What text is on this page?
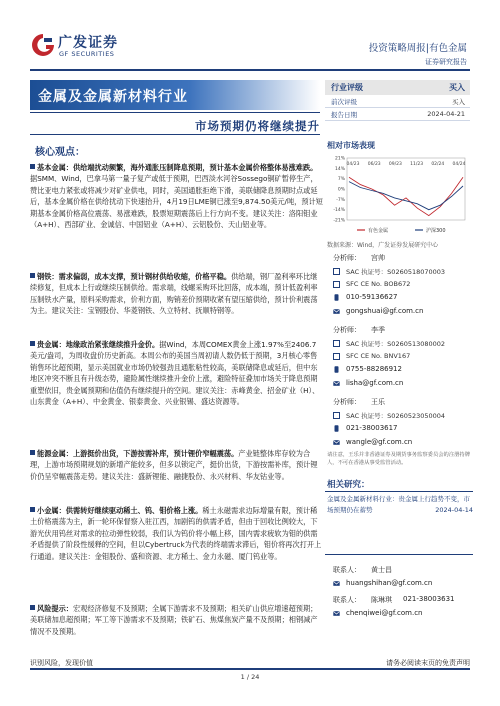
广发证券
GF SECURITIES	投资策略周报|有色金属
证券研究报告
金属及金属新材料行业
市场预期仍将继续提升
行业评级	买入
前次评级	买入
报告日期	2024-04-21
核心观点：
基本金属：供给端扰动频繁，海外通胀压制降息预期，预计基本金属价格整体易涨难跌。据SMM、Wind，巴拿马第一量子复产或低于预期，巴西淡水河谷Sossego铜矿暂停生产，赞比亚电力紧张或将减少对矿业供电，同时，美国通胀拒绝下滑，美联储降息预期时点或延后，基本金属价格在供给扰动下快速抬升，4月19日LME铜已涨至9,874.50美元/吨，预计短期基本金属价格高位震荡、易涨难跌，股票短期震荡后上行方向不变。建议关注：洛阳钼业（A+H）、西部矿业、金诚信、中国铝业（A+H）、云铝股份、天山铝业等。
钢铁：需求偏弱，成本支撑，预计钢材供给收缩，价格平稳。供给端，钢厂盈利率环比继续修复，但成本上行或继续压制供给。需求端，线螺采购环比回落，成本端，预计低盈利率压制铁水产量，原料采购需求，价利方面，购销差价预期收紧有望压缩供给，预计价利震荡为主。建议关注：宝钢股份、华菱钢铁、久立特材、抚顺特钢等。
贵金属：地缘政治紧张继续推升金价。据Wind，本周COMEX黄金上涨1.97%至2406.7美元/盎司，为周收盘价历史新高。本周公布的美国当周初请人数仍低于预期，3月核心零售销售环比超预期，显示美国就业市场仍较强劲且通胀粘性较高，美联储降息或延后，但中东地区冲突不断且有升级态势，避险属性继续推升金价上涨，避险特征叠加市场关于降息预期重塑依旧，贵金属预期和估值仍有继续提升的空间。建议关注：赤峰黄金、招金矿业（H）、山东黄金（A+H）、中金黄金、银泰黄金、兴业银锡、盛达资源等。
能源金属：上游挺价出货，下游按需补库，预计锂价窄幅震荡。产业链整体库存较为合理，上游市场预期规划的新增产能较多，但多以锁定产，挺价出货，下游按需补库，预计锂价仍呈窄幅震荡走势。建议关注：盛新锂能、融捷股份、永兴材料、华友钴业等。
小金属：供需转好继续驱动稀土、钨、钼价格上涨。稀土永磁需求边际增量有限，预计稀土价格震荡为主，新一轮环保督察入驻江西，加剧钨的供需矛盾，但由于回收比例较大，下游光伏用钨丝对需求的拉动弹性较弱，我们认为钨价将小幅上移，国内需求疲软为钼的供需矛盾提供了阶段性缓释的空间，但以Cybertruck为代表的终端需求滞后，钼价将再次打开上行通道。建议关注：金钼股份、盛和资源、北方稀土、金力永磁、厦门钨业等。
风险提示：宏观经济修复不及预期；全属下游需求不及预期；相关矿山供应增速超预期；美联储加息超预期；军工等下游需求不及预期；铁矿石、焦煤焦炭产量不及预期；相钢减产情况不及预期。
相对市场表现
21%
14%
7%
0%
-7%
-14%
-21%
04/23 06/23 09/23 11/23 02/24 04/24
有色金属	沪深300
数据来源：Wind，广发证券发展研究中心
分析师： 宫帅
SAC 执证号：S0260518070003
SFC CE No. BOB672
010-59136627
gongshuai@gf.com.cn
分析师： 李季
SAC 执证号：S0260513080002
SFC CE No. BNV167
0755-88286912
lisha@gf.com.cn
分析师： 王乐
SAC 执证号：S0260523050004
021-38003617
wangle@gf.com.cn
请注意，王乐并非香港证券及期货事务监察委员会的注册持牌人，不可在香港从事受监管活动。
相关研究：
金属及金属新材料行业：贵金属上行趋势不变，市场预期仍在蓄势	2024-04-14
联系人： 黄士昌
huangshihan@gf.com.cn
联系人： 陈琳琪 021-38003631
chenqiwei@gf.com.cn
识别风险，发现价值	请务必阅读末页的免责声明
1 / 24
